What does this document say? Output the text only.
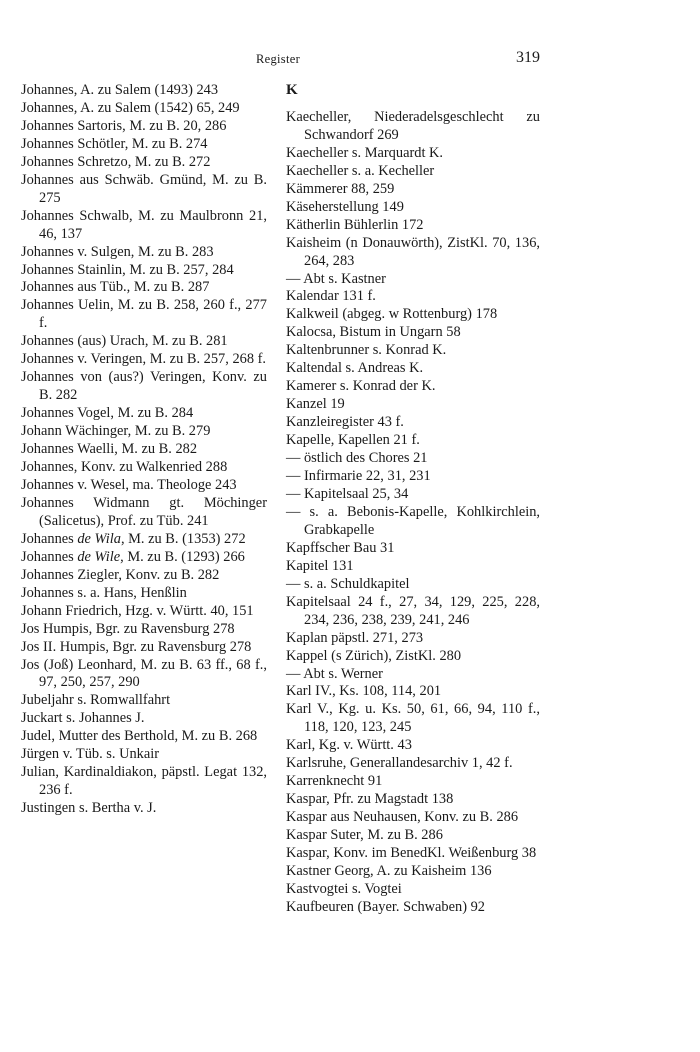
Register	319
Johannes, A. zu Salem (1493) 243
Johannes, A. zu Salem (1542) 65, 249
Johannes Sartoris, M. zu B. 20, 286
Johannes Schötler, M. zu B. 274
Johannes Schretzo, M. zu B. 272
Johannes aus Schwäb. Gmünd, M. zu B. 275
Johannes Schwalb, M. zu Maulbronn 21, 46, 137
Johannes v. Sulgen, M. zu B. 283
Johannes Stainlin, M. zu B. 257, 284
Johannes aus Tüb., M. zu B. 287
Johannes Uelin, M. zu B. 258, 260 f., 277 f.
Johannes (aus) Urach, M. zu B. 281
Johannes v. Veringen, M. zu B. 257, 268 f.
Johannes von (aus?) Veringen, Konv. zu B. 282
Johannes Vogel, M. zu B. 284
Johann Wächinger, M. zu B. 279
Johannes Waelli, M. zu B. 282
Johannes, Konv. zu Walkenried 288
Johannes v. Wesel, ma. Theologe 243
Johannes Widmann gt. Möchinger (Salicetus), Prof. zu Tüb. 241
Johannes de Wila, M. zu B. (1353) 272
Johannes de Wile, M. zu B. (1293) 266
Johannes Ziegler, Konv. zu B. 282
Johannes s. a. Hans, Henßlin
Johann Friedrich, Hzg. v. Württ. 40, 151
Jos Humpis, Bgr. zu Ravensburg 278
Jos II. Humpis, Bgr. zu Ravensburg 278
Jos (Joß) Leonhard, M. zu B. 63 ff., 68 f., 97, 250, 257, 290
Jubeljahr s. Romwallfahrt
Juckart s. Johannes J.
Judel, Mutter des Berthold, M. zu B. 268
Jürgen v. Tüb. s. Unkair
Julian, Kardinaldiakon, päpstl. Legat 132, 236 f.
Justingen s. Bertha v. J.
K
Kaecheller, Niederadelsgeschlecht zu Schwandorf 269
Kaecheller s. Marquardt K.
Kaecheller s. a. Kecheller
Kämmerer 88, 259
Käseherstellung 149
Kätherlin Bühlerlin 172
Kaisheim (n Donauwörth), ZistKl. 70, 136, 264, 283
— Abt s. Kastner
Kalendar 131 f.
Kalkweil (abgeg. w Rottenburg) 178
Kalocsa, Bistum in Ungarn 58
Kaltenbrunner s. Konrad K.
Kaltendal s. Andreas K.
Kamerer s. Konrad der K.
Kanzel 19
Kanzleiregister 43 f.
Kapelle, Kapellen 21 f.
— östlich des Chores 21
— Infirmarie 22, 31, 231
— Kapitelsaal 25, 34
— s. a. Bebonis-Kapelle, Kohlkirchlein, Grabkapelle
Kapffscher Bau 31
Kapitel 131
— s. a. Schuldkapitel
Kapitelsaal 24 f., 27, 34, 129, 225, 228, 234, 236, 238, 239, 241, 246
Kaplan päpstl. 271, 273
Kappel (s Zürich), ZistKl. 280
— Abt s. Werner
Karl IV., Ks. 108, 114, 201
Karl V., Kg. u. Ks. 50, 61, 66, 94, 110 f., 118, 120, 123, 245
Karl, Kg. v. Württ. 43
Karlsruhe, Generallandesarchiv 1, 42 f.
Karrenknecht 91
Kaspar, Pfr. zu Magstadt 138
Kaspar aus Neuhausen, Konv. zu B. 286
Kaspar Suter, M. zu B. 286
Kaspar, Konv. im BenedKl. Weißenburg 38
Kastner Georg, A. zu Kaisheim 136
Kastvogtei s. Vogtei
Kaufbeuren (Bayer. Schwaben) 92
